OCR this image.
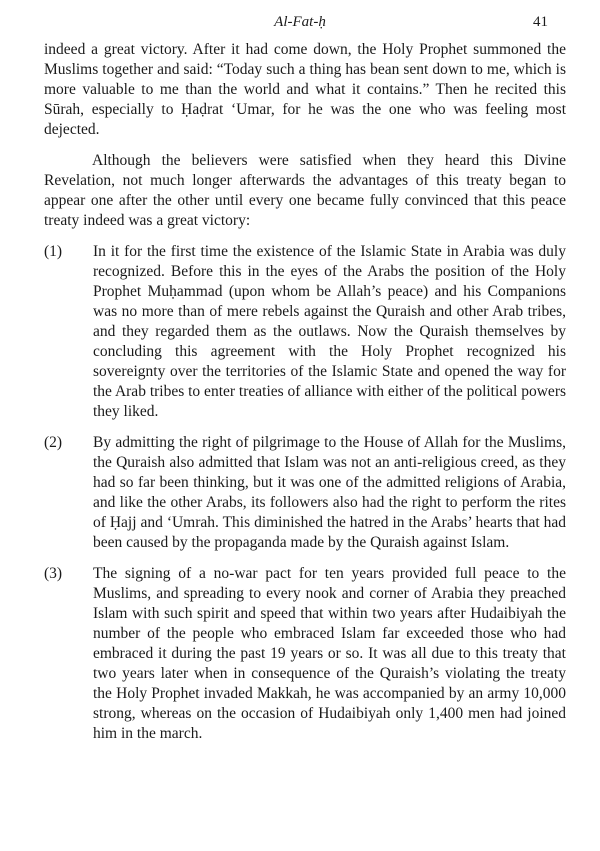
Al-Fat-ḥ	41

indeed a great victory. After it had come down, the Holy Prophet summoned the Muslims together and said: “Today such a thing has bean sent down to me, which is more valuable to me than the world and what it contains.” Then he recited this Sūrah, especially to Ḥaḍrat ‘Umar, for he was the one who was feeling most dejected.

Although the believers were satisfied when they heard this Divine Revelation, not much longer afterwards the advantages of this treaty began to appear one after the other until every one became fully convinced that this peace treaty indeed was a great victory:

(1) In it for the first time the existence of the Islamic State in Arabia was duly recognized. Before this in the eyes of the Arabs the position of the Holy Prophet Muḥammad (upon whom be Allah’s peace) and his Companions was no more than of mere rebels against the Quraish and other Arab tribes, and they regarded them as the outlaws. Now the Quraish themselves by concluding this agreement with the Holy Prophet recognized his sovereignty over the territories of the Islamic State and opened the way for the Arab tribes to enter treaties of alliance with either of the political powers they liked.
(2) By admitting the right of pilgrimage to the House of Allah for the Muslims, the Quraish also admitted that Islam was not an anti-religious creed, as they had so far been thinking, but it was one of the admitted religions of Arabia, and like the other Arabs, its followers also had the right to perform the rites of Ḥajj and ‘Umrah. This diminished the hatred in the Arabs’ hearts that had been caused by the propaganda made by the Quraish against Islam.
(3) The signing of a no-war pact for ten years provided full peace to the Muslims, and spreading to every nook and corner of Arabia they preached Islam with such spirit and speed that within two years after Hudaibiyah the number of the people who embraced Islam far exceeded those who had embraced it during the past 19 years or so. It was all due to this treaty that two years later when in consequence of the Quraish’s violating the treaty the Holy Prophet invaded Makkah, he was accompanied by an army 10,000 strong, whereas on the occasion of Hudaibiyah only 1,400 men had joined him in the march.
